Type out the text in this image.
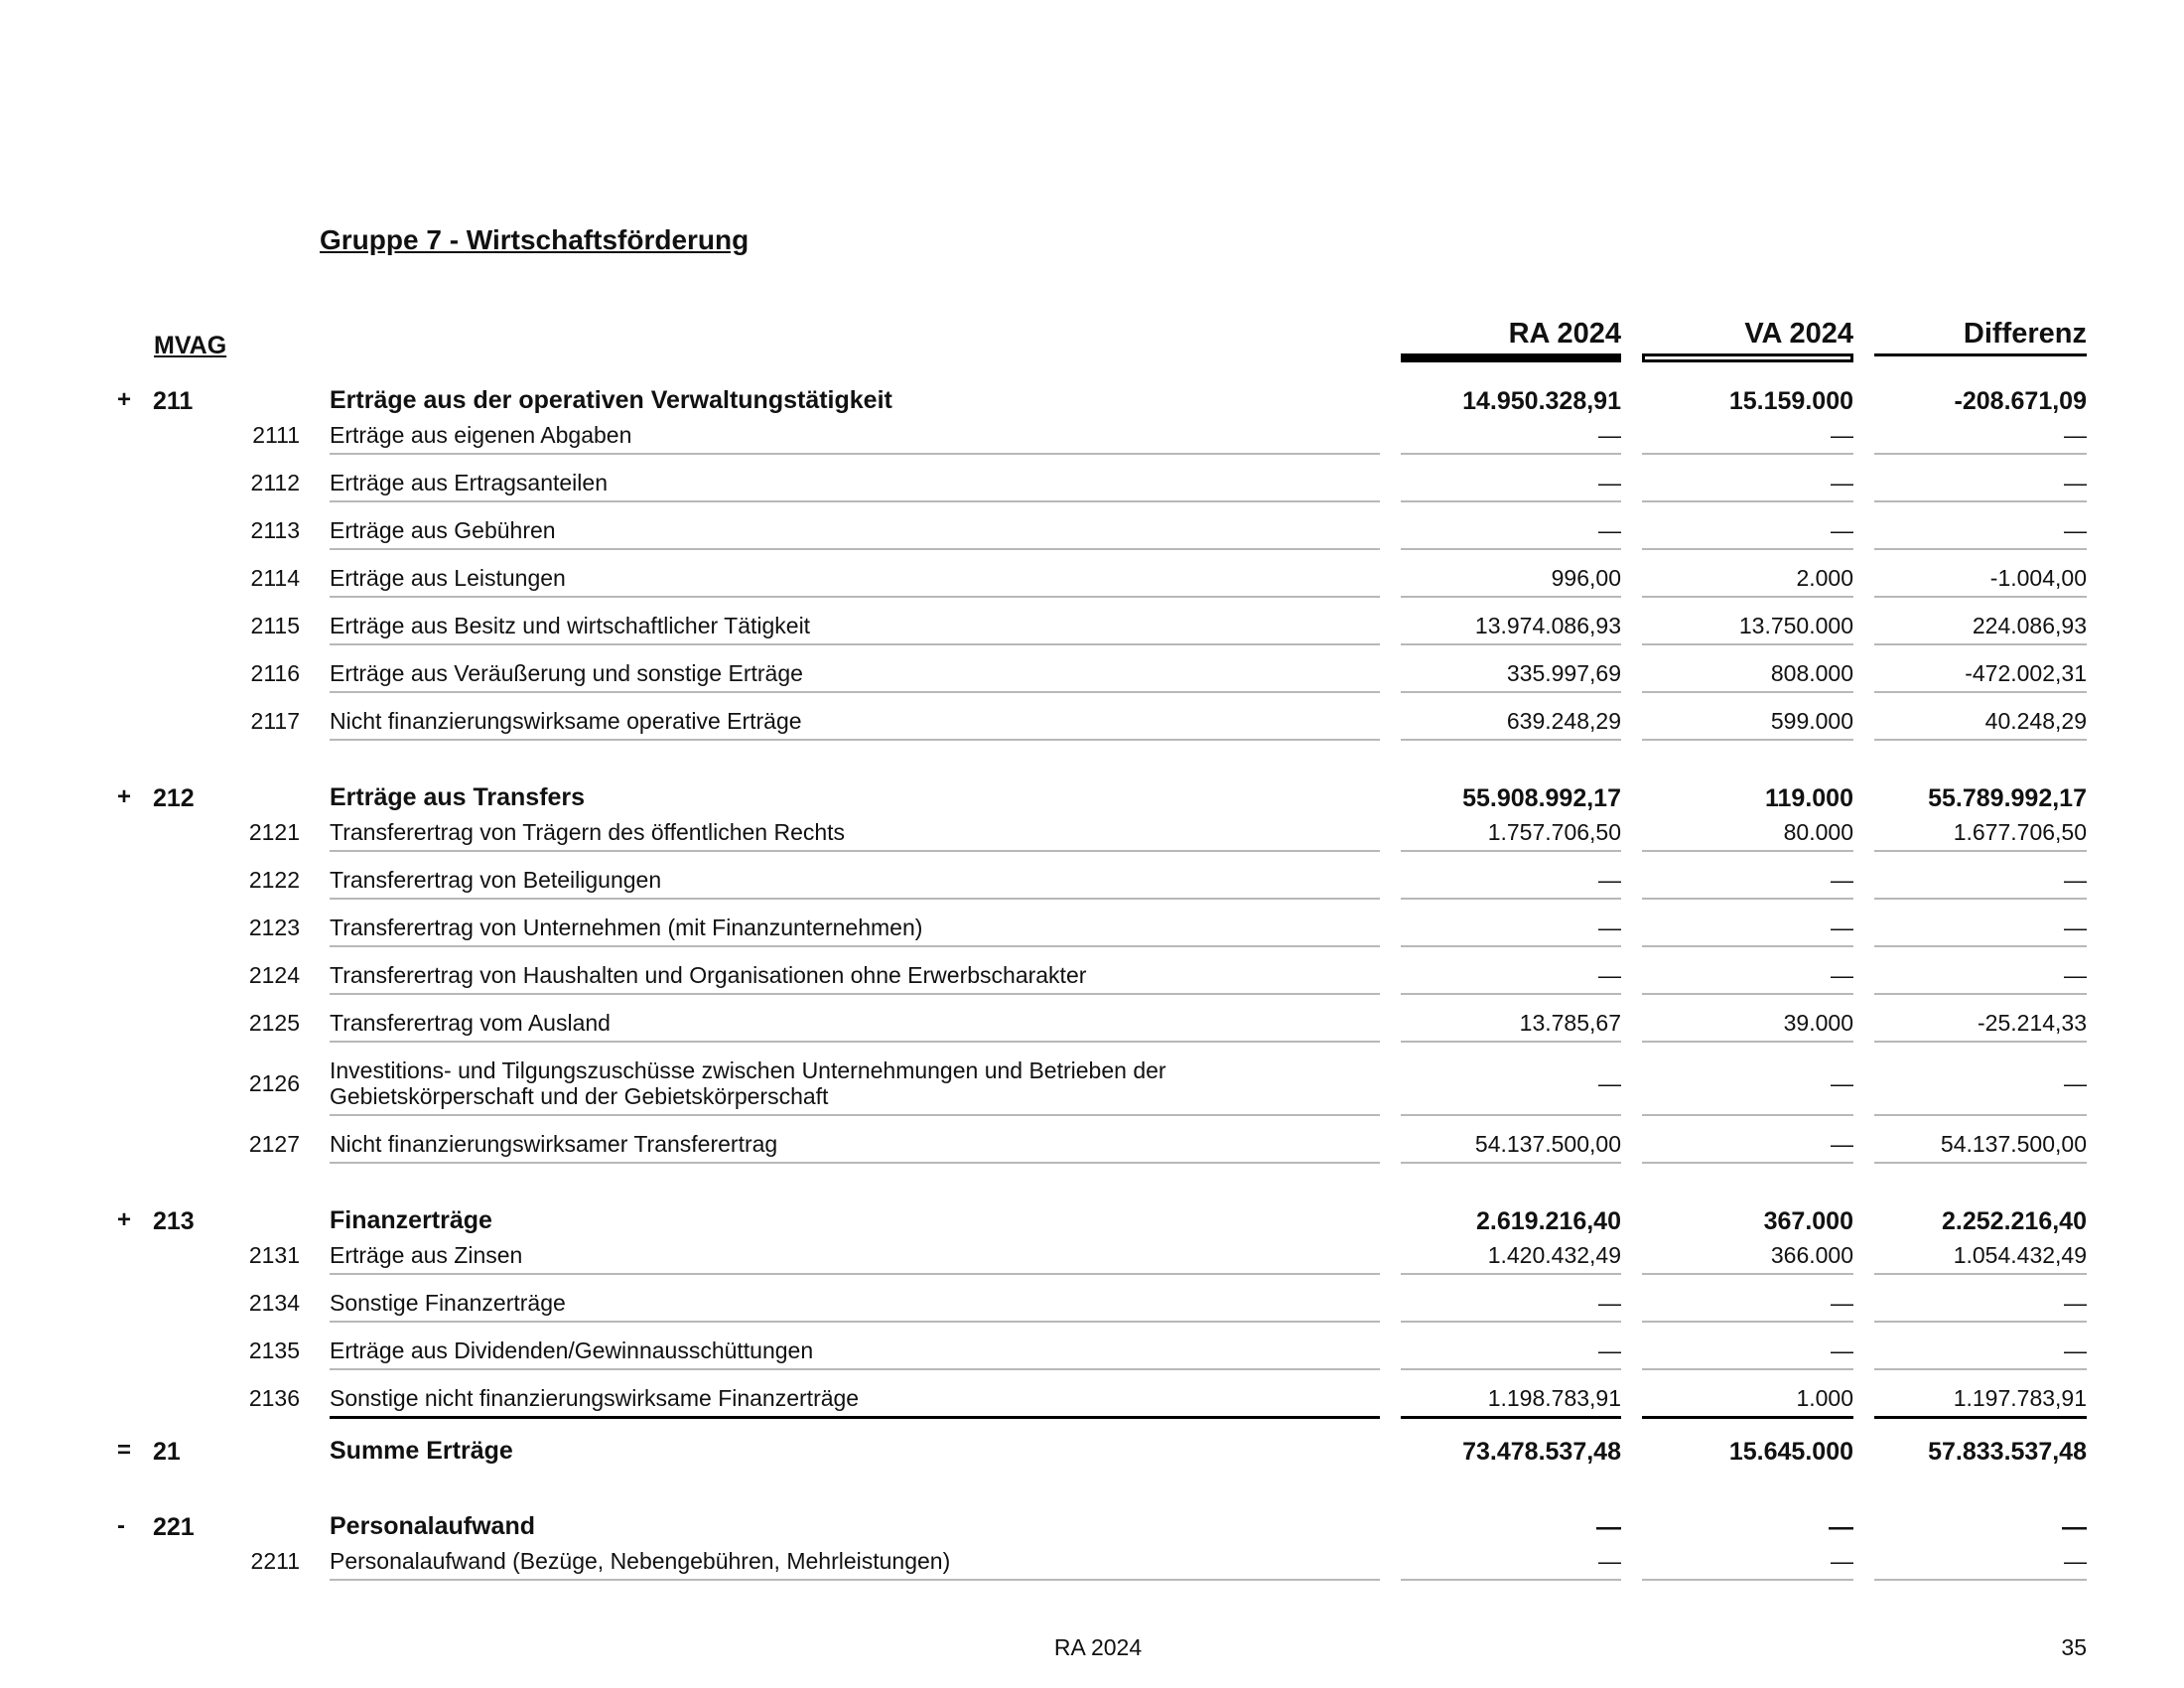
Gruppe 7 - Wirtschaftsförderung
MVAG	RA 2024	VA 2024	Differenz
+ 211	Erträge aus der operativen Verwaltungstätigkeit	14.950.328,91	15.159.000	-208.671,09
2111 Erträge aus eigenen Abgaben	—	—	—
2112 Erträge aus Ertragsanteilen	—	—	—
2113 Erträge aus Gebühren	—	—	—
2114 Erträge aus Leistungen	996,00	2.000	-1.004,00
2115 Erträge aus Besitz und wirtschaftlicher Tätigkeit	13.974.086,93	13.750.000	224.086,93
2116 Erträge aus Veräußerung und sonstige Erträge	335.997,69	808.000	-472.002,31
2117 Nicht finanzierungswirksame operative Erträge	639.248,29	599.000	40.248,29
+ 212	Erträge aus Transfers	55.908.992,17	119.000	55.789.992,17
2121 Transferertrag von Trägern des öffentlichen Rechts	1.757.706,50	80.000	1.677.706,50
2122 Transferertrag von Beteiligungen	—	—	—
2123 Transferertrag von Unternehmen (mit Finanzunternehmen)	—	—	—
2124 Transferertrag von Haushalten und Organisationen ohne Erwerbscharakter	—	—	—
2125 Transferertrag vom Ausland	13.785,67	39.000	-25.214,33
2126 Investitions- und Tilgungszuschüsse zwischen Unternehmungen und Betrieben der Gebietskörperschaft und der Gebietskörperschaft	—	—	—
2127 Nicht finanzierungswirksamer Transferertrag	54.137.500,00	—	54.137.500,00
+ 213	Finanzerträge	2.619.216,40	367.000	2.252.216,40
2131 Erträge aus Zinsen	1.420.432,49	366.000	1.054.432,49
2134 Sonstige Finanzerträge	—	—	—
2135 Erträge aus Dividenden/Gewinnausschüttungen	—	—	—
2136 Sonstige nicht finanzierungswirksame Finanzerträge	1.198.783,91	1.000	1.197.783,91
= 21	Summe Erträge	73.478.537,48	15.645.000	57.833.537,48
-	221	Personalaufwand	—	—	—
2211 Personalaufwand (Bezüge, Nebengebühren, Mehrleistungen)	—	—	—
RA 2024	35
